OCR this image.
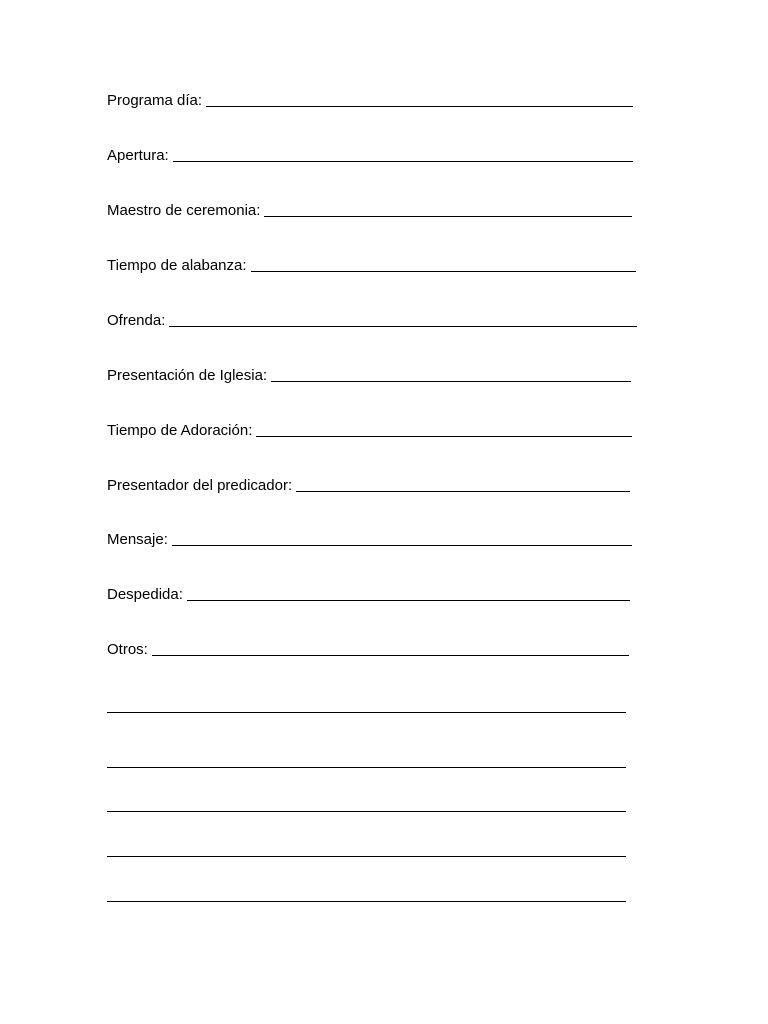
Programa día:
Apertura:
Maestro de ceremonia:
Tiempo de alabanza:
Ofrenda:
Presentación de Iglesia:
Tiempo de Adoración:
Presentador del predicador:
Mensaje:
Despedida:
Otros:
